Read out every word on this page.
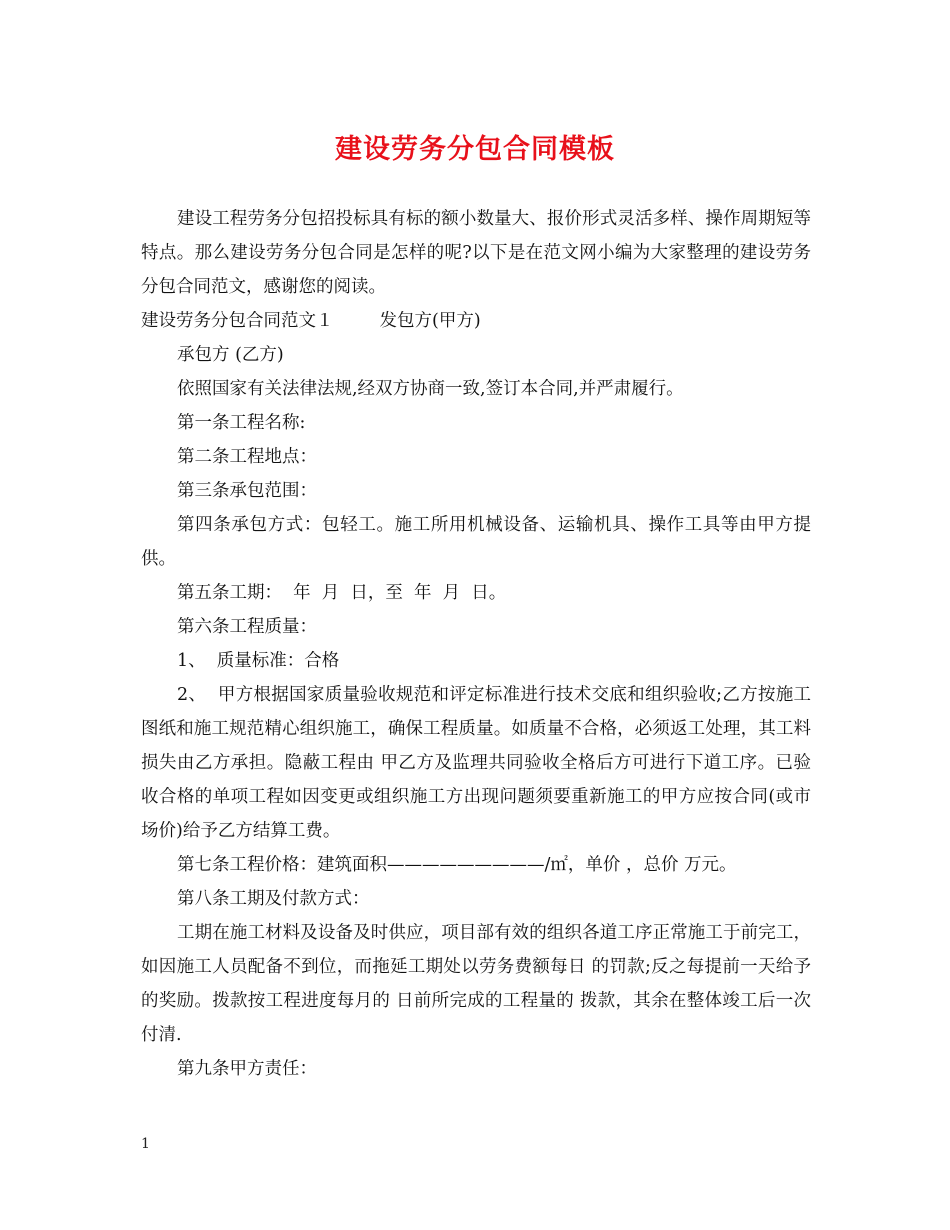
建设劳务分包合同模板

建设工程劳务分包招投标具有标的额小数量大、报价形式灵活多样、操作周期短等特点。那么建设劳务分包合同是怎样的呢?以下是在范文网小编为大家整理的建设劳务分包合同范文，感谢您的阅读。

建设劳务分包合同范文１	发包方(甲方)

承包方 (乙方)

依照国家有关法律法规,经双方协商一致,签订本合同,并严肃履行。

第一条工程名称:

第二条工程地点：

第三条承包范围：

第四条承包方式：包轻工。施工所用机械设备、运输机具、操作工具等由甲方提供。

第五条工期：  年  月  日，至  年  月  日。

第六条工程质量：

1、  质量标准：合格

2、  甲方根据国家质量验收规范和评定标准进行技术交底和组织验收;乙方按施工图纸和施工规范精心组织施工，确保工程质量。如质量不合格，必须返工处理，其工料损失由乙方承担。隐蔽工程由 甲乙方及监理共同验收全格后方可进行下道工序。已验收合格的单项工程如因变更或组织施工方出现问题须要重新施工的甲方应按合同(或市场价)给予乙方结算工费。

第七条工程价格：建筑面积—————————/㎡，单价 ，总价 万元。

第八条工期及付款方式：

工期在施工材料及设备及时供应，项目部有效的组织各道工序正常施工于前完工，如因施工人员配备不到位，而拖延工期处以劳务费额每日 的罚款;反之每提前一天给予 的奖励。拨款按工程进度每月的 日前所完成的工程量的 拨款，其余在整体竣工后一次付清.

第九条甲方责任：

1
